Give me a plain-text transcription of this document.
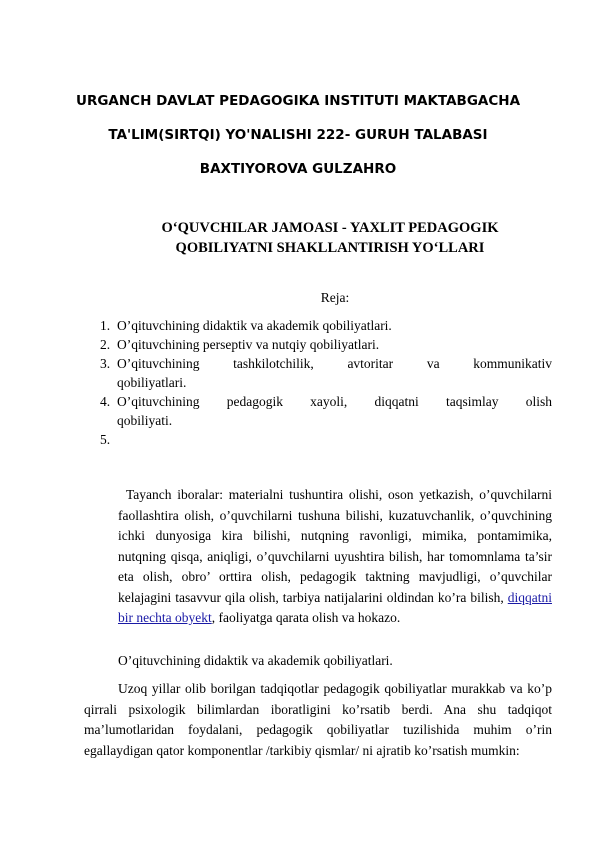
URGANCH DAVLAT PEDAGOGIKA INSTITUTI MAKTABGACHA
TA'LIM(SIRTQI) YO'NALISHI 222- GURUH TALABASI
BAXTIYOROVA GULZAHRO
O‘QUVCHILAR JAMOASI - YAXLIT PEDAGOGIK
QOBILIYATNI SHAKLLANTIRISH YO‘LLARI
Reja:
1. O’qituvchining didaktik va akademik qobiliyatlari.
2. O’qituvchining perseptiv va nutqiy qobiliyatlari.
3. O’qituvchining tashkilotchilik, avtoritar va kommunikativ
qobiliyatlari.
4. O’qituvchining pedagogik xayoli, diqqatni taqsimlay olish
qobiliyati.
5.
Tayanch iboralar: materialni tushuntira olishi, oson yetkazish, o’quvchilarni faollashtira olish, o’quvchilarni tushuna bilishi, kuzatuvchanlik, o’quvchining ichki dunyosiga kira bilishi, nutqning ravonligi, mimika, pontamimika, nutqning qisqa, aniqligi, o’quvchilarni uyushtira bilish, har tomomnlama ta’sir eta olish, obro’ orttira olish, pedagogik taktning mavjudligi, o’quvchilar kelajagini tasavvur qila olish, tarbiya natijalarini oldindan ko’ra bilish, diqqatni bir nechta obyekt, faoliyatga qarata olish va hokazo.
O’qituvchining didaktik va akademik qobiliyatlari.
Uzoq yillar olib borilgan tadqiqotlar pedagogik qobiliyatlar murakkab va ko’p qirrali psixologik bilimlardan iboratligini ko’rsatib berdi. Ana shu tadqiqot ma’lumotlaridan foydalani, pedagogik qobiliyatlar tuzilishida muhim o’rin egallaydigan qator komponentlar /tarkibiy qismlar/ ni ajratib ko’rsatish mumkin:
